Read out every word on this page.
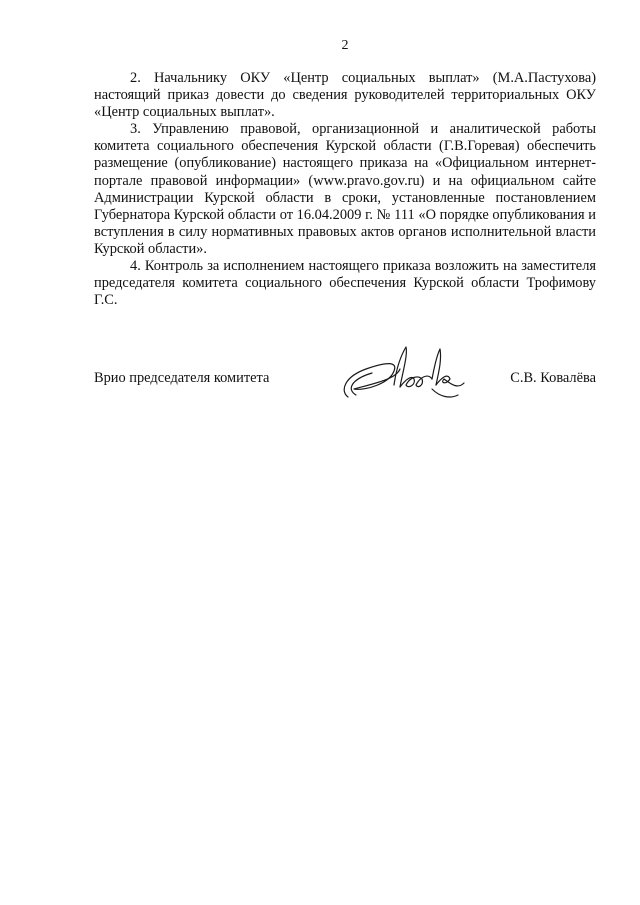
2

2. Начальнику ОКУ «Центр социальных выплат» (М.А.Пастухова) настоящий приказ довести до сведения руководителей территориальных ОКУ «Центр социальных выплат».

3. Управлению правовой, организационной и аналитической работы комитета социального обеспечения Курской области (Г.В.Горевая) обеспечить размещение (опубликование) настоящего приказа на «Официальном интернет-портале правовой информации» (www.pravo.gov.ru) и на официальном сайте Администрации Курской области в сроки, установленные постановлением Губернатора Курской области от 16.04.2009 г. № 111 «О порядке опубликования и вступления в силу нормативных правовых актов органов исполнительной власти Курской области».

4. Контроль за исполнением настоящего приказа возложить на заместителя председателя комитета социального обеспечения Курской области Трофимову Г.С.

Врио председателя комитета	С.В. Ковалёва
